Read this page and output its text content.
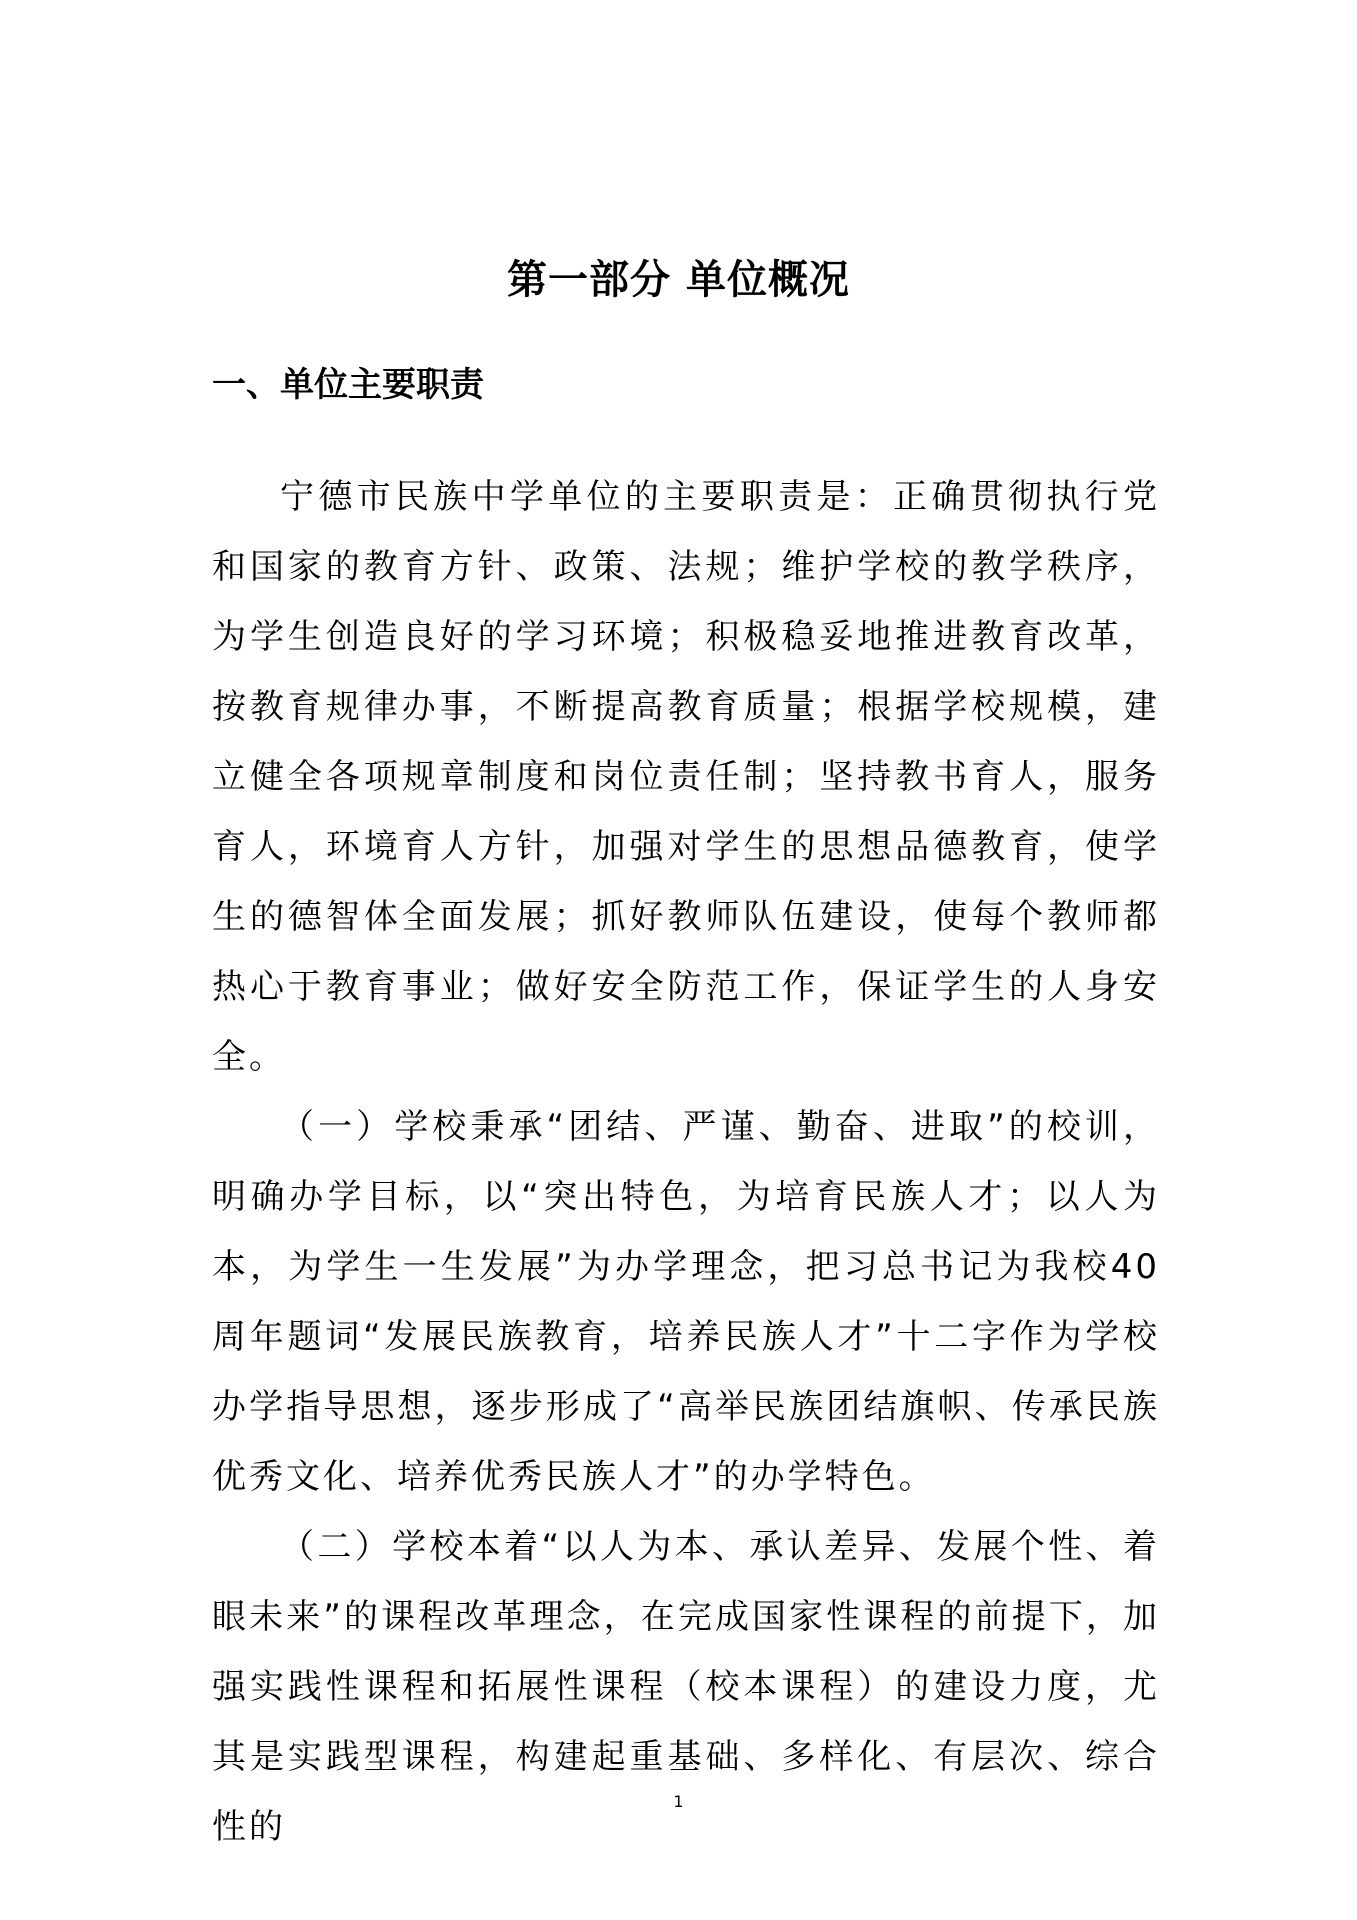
第一部分 单位概况
一、单位主要职责

宁德市民族中学单位的主要职责是：正确贯彻执行党和国家的教育方针、政策、法规；维护学校的教学秩序，为学生创造良好的学习环境；积极稳妥地推进教育改革，按教育规律办事，不断提高教育质量；根据学校规模，建立健全各项规章制度和岗位责任制；坚持教书育人，服务育人，环境育人方针，加强对学生的思想品德教育，使学生的德智体全面发展；抓好教师队伍建设，使每个教师都热心于教育事业；做好安全防范工作，保证学生的人身安全。

（一）学校秉承“团结、严谨、勤奋、进取”的校训，明确办学目标，以“突出特色，为培育民族人才；以人为本，为学生一生发展”为办学理念，把习总书记为我校40周年题词“发展民族教育，培养民族人才”十二字作为学校办学指导思想，逐步形成了“高举民族团结旗帜、传承民族优秀文化、培养优秀民族人才”的办学特色。

（二）学校本着“以人为本、承认差异、发展个性、着眼未来”的课程改革理念，在完成国家性课程的前提下，加强实践性课程和拓展性课程（校本课程）的建设力度，尤其是实践型课程，构建起重基础、多样化、有层次、综合性的

1
